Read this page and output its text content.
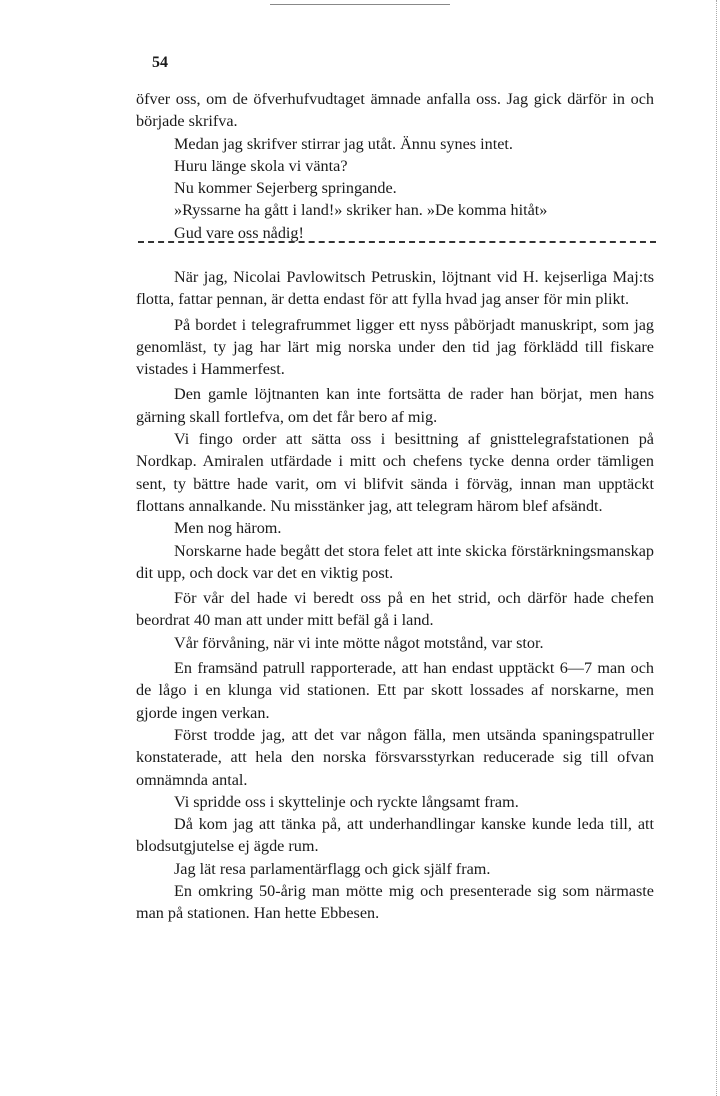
54

öfver oss, om de öfverhufvudtaget ämnade anfalla oss. Jag gick därför in och började skrifva.

Medan jag skrifver stirrar jag utåt. Ännu synes intet.

Huru länge skola vi vänta?

Nu kommer Sejerberg springande.

»Ryssarne ha gått i land!» skriker han. »De komma hitåt»

Gud vare oss nådig!

När jag, Nicolai Pavlowitsch Petruskin, löjtnant vid H. kejserliga Maj:ts flotta, fattar pennan, är detta endast för att fylla hvad jag anser för min plikt.

På bordet i telegrafrummet ligger ett nyss påbörjadt manuskript, som jag genomläst, ty jag har lärt mig norska under den tid jag förklädd till fiskare vistades i Hammerfest.

Den gamle löjtnanten kan inte fortsätta de rader han börjat, men hans gärning skall fortlefva, om det får bero af mig.

Vi fingo order att sätta oss i besittning af gnisttelegrafstationen på Nordkap. Amiralen utfärdade i mitt och chefens tycke denna order tämligen sent, ty bättre hade varit, om vi blifvit sända i förväg, innan man upptäckt flottans annalkande. Nu misstänker jag, att telegram härom blef afsändt.

Men nog härom.

Norskarne hade begått det stora felet att inte skicka förstärkningsmanskap dit upp, och dock var det en viktig post.

För vår del hade vi beredt oss på en het strid, och därför hade chefen beordrat 40 man att under mitt befäl gå i land.

Vår förvåning, när vi inte mötte något motstånd, var stor.

En framsänd patrull rapporterade, att han endast upptäckt 6—7 man och de lågo i en klunga vid stationen. Ett par skott lossades af norskarne, men gjorde ingen verkan.

Först trodde jag, att det var någon fälla, men utsända spaningspatruller konstaterade, att hela den norska försvarsstyrkan reducerade sig till ofvan omnämnda antal.

Vi spridde oss i skyttelinje och ryckte långsamt fram.

Då kom jag att tänka på, att underhandlingar kanske kunde leda till, att blodsutgjutelse ej ägde rum.

Jag lät resa parlamentärflagg och gick själf fram.

En omkring 50-årig man mötte mig och presenterade sig som närmaste man på stationen. Han hette Ebbesen.
